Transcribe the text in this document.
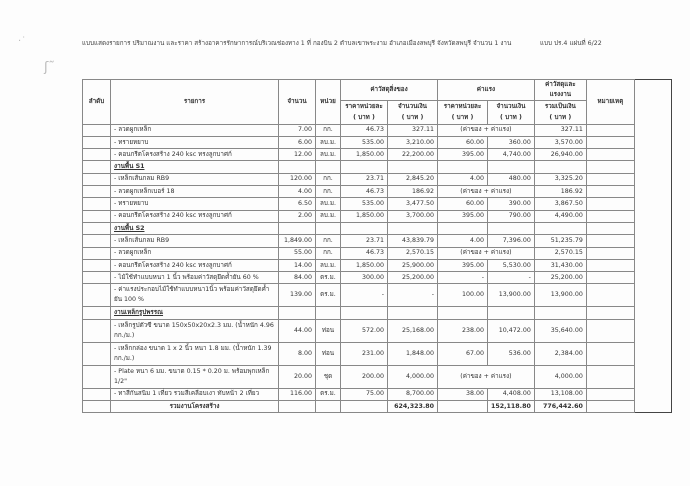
·˙
ʃ˜
แบบแสดงรายการ ปริมาณงาน และราคา สร้างอาคารรักษาการณ์บริเวณช่องทาง 1 ที่ กองบิน 2 ตำบลเขาพระงาม อำเภอเมืองลพบุรี จังหวัดลพบุรี จำนวน 1 งาน	แบบ ปร.4 แผ่นที่ 6/22
ลำดับ	รายการ	จำนวน	หน่วย	ค่าวัสดุสิ่งของ		ค่าแรง		ค่าวัสดุและแรงงาน	หมายเหตุ
				ราคาหน่วยละ	จำนวนเงิน	ราคาหน่วยละ	จำนวนเงิน	รวมเป็นเงิน	
				( บาท )	( บาท )	( บาท )	( บาท )	( บาท )	
	- ลวดผูกเหล็ก	7.00	กก.	46.73	327.11	(ค่าของ + ค่าแรง)		327.11	
	- ทรายหยาบ	6.00	ลบ.ม.	535.00	3,210.00	60.00	360.00	3,570.00	
	- คอนกรีตโครงสร้าง 240 ksc ทรงลูกบาศก์	12.00	ลบ.ม.	1,850.00	22,200.00	395.00	4,740.00	26,940.00	
	งานพื้น S1								
	- เหล็กเส้นกลม RB9	120.00	กก.	23.71	2,845.20	4.00	480.00	3,325.20	
	- ลวดผูกเหล็กเบอร์ 18	4.00	กก.	46.73	186.92	(ค่าของ + ค่าแรง)		186.92	
	- ทรายหยาบ	6.50	ลบ.ม.	535.00	3,477.50	60.00	390.00	3,867.50	
	- คอนกรีตโครงสร้าง 240 ksc ทรงลูกบาศก์	2.00	ลบ.ม.	1,850.00	3,700.00	395.00	790.00	4,490.00	
	งานพื้น S2								
	- เหล็กเส้นกลม RB9	1,849.00	กก.	23.71	43,839.79	4.00	7,396.00	51,235.79	
	- ลวดผูกเหล็ก	55.00	กก.	46.73	2,570.15	(ค่าของ + ค่าแรง)		2,570.15	
	- คอนกรีตโครงสร้าง 240 ksc ทรงลูกบาศก์	14.00	ลบ.ม.	1,850.00	25,900.00	395.00	5,530.00	31,430.00	
	- ไม้ใช้ทำแบบหนา 1 นิ้ว พร้อมค่าวัสดุยึดค้ำยัน 60 %	84.00	ตร.ม.	300.00	25,200.00	-	-	25,200.00	
	- ค่าแรงประกอบไม้ใช้ทำแบบหนา1นิ้ว พร้อมค่าวัสดุยึดค้ำยัน 100 %	139.00	ตร.ม.	-	-	100.00	13,900.00	13,900.00	
	งานเหล็กรูปพรรณ								
	- เหล็กรูปตัวซี ขนาด 150x50x20x2.3 มม. (น้ำหนัก 4.96 กก./ม.)	44.00	ท่อน	572.00	25,168.00	238.00	10,472.00	35,640.00	
	- เหล็กกล่อง ขนาด 1 x 2 นิ้ว หนา 1.8 มม. (น้ำหนัก 1.39 กก./ม.)	8.00	ท่อน	231.00	1,848.00	67.00	536.00	2,384.00	
	- Plate หนา 6 มม. ขนาด 0.15 * 0.20 ม. พร้อมพุกเหล็ก 1/2"	20.00	ชุด	200.00	4,000.00	(ค่าของ + ค่าแรง)		4,000.00	
	- ทาสีกันสนิม 1 เที่ยว รวมสีเคลือบเงา ทับหน้า 2 เที่ยว	116.00	ตร.ม.	75.00	8,700.00	38.00	4,408.00	13,108.00	
	รวมงานโครงสร้าง				624,323.80		152,118.80	776,442.60	
